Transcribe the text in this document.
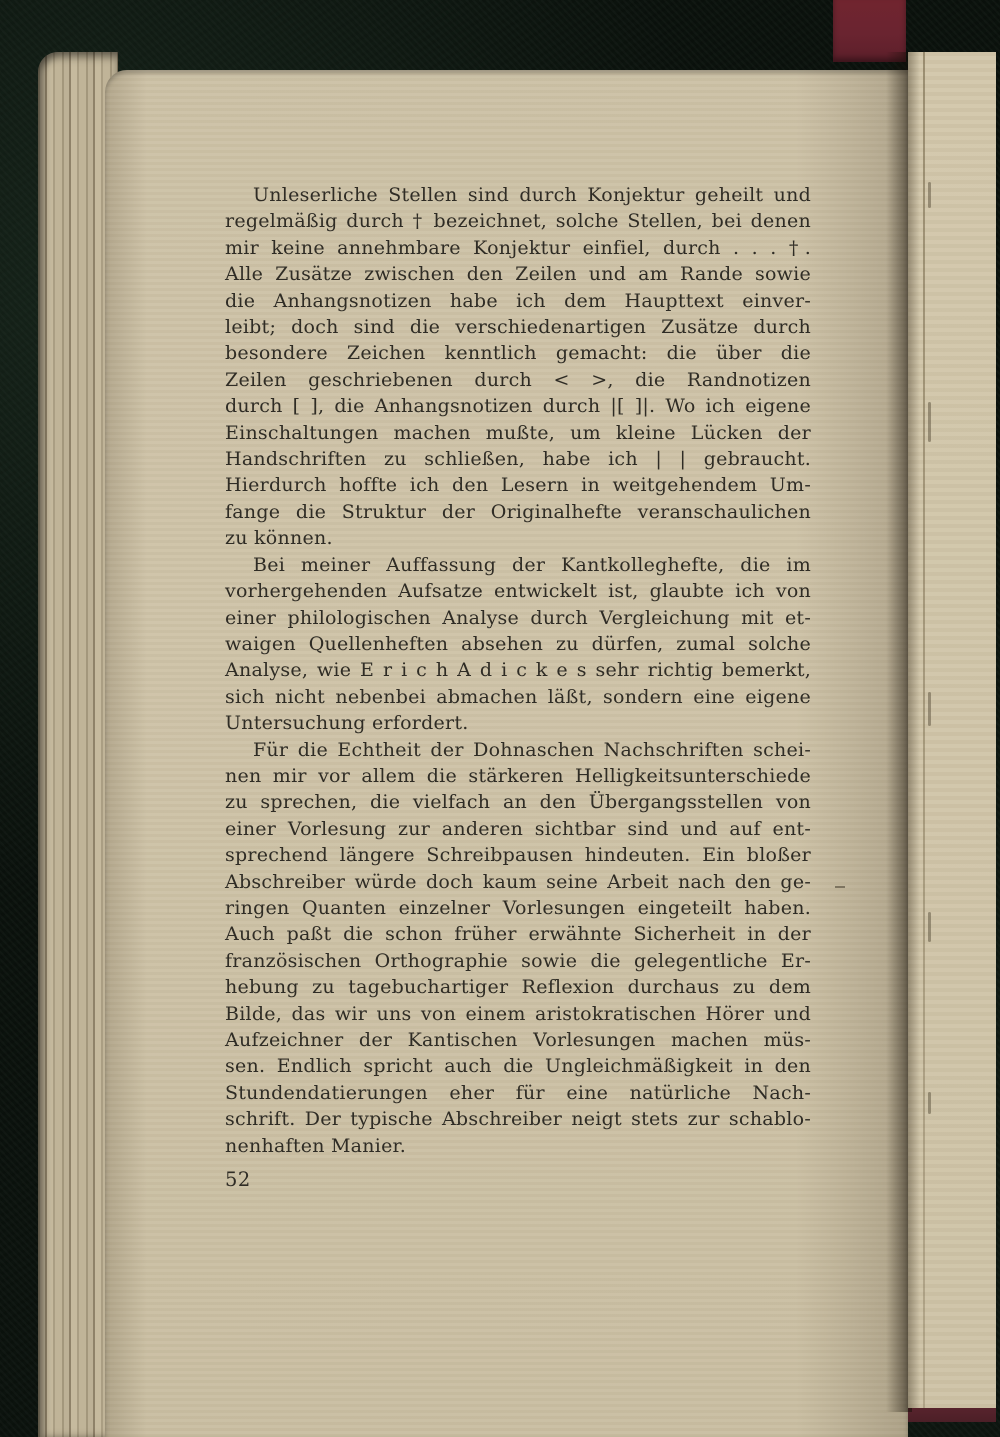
Unleserliche Stellen sind durch Konjektur geheilt und
regelmäßig durch † bezeichnet, solche Stellen, bei denen
mir keine annehmbare Konjektur einfiel, durch . . . †.
Alle Zusätze zwischen den Zeilen und am Rande sowie
die Anhangsnotizen habe ich dem Haupttext einver-
leibt; doch sind die verschiedenartigen Zusätze durch
besondere Zeichen kenntlich gemacht: die über die
Zeilen geschriebenen durch < >, die Randnotizen
durch [ ], die Anhangsnotizen durch |[ ]|. Wo ich eigene
Einschaltungen machen mußte, um kleine Lücken der
Handschriften zu schließen, habe ich | | gebraucht.
Hierdurch hoffte ich den Lesern in weitgehendem Um-
fange die Struktur der Originalhefte veranschaulichen
zu können.
Bei meiner Auffassung der Kantkolleghefte, die im
vorhergehenden Aufsatze entwickelt ist, glaubte ich von
einer philologischen Analyse durch Vergleichung mit et-
waigen Quellenheften absehen zu dürfen, zumal solche
Analyse, wie E r i c h A d i c k e s sehr richtig bemerkt,
sich nicht nebenbei abmachen läßt, sondern eine eigene
Untersuchung erfordert.
Für die Echtheit der Dohnaschen Nachschriften schei-
nen mir vor allem die stärkeren Helligkeitsunterschiede
zu sprechen, die vielfach an den Übergangsstellen von
einer Vorlesung zur anderen sichtbar sind und auf ent-
sprechend längere Schreibpausen hindeuten. Ein bloßer
Abschreiber würde doch kaum seine Arbeit nach den ge-
ringen Quanten einzelner Vorlesungen eingeteilt haben.
Auch paßt die schon früher erwähnte Sicherheit in der
französischen Orthographie sowie die gelegentliche Er-
hebung zu tagebuchartiger Reflexion durchaus zu dem
Bilde, das wir uns von einem aristokratischen Hörer und
Aufzeichner der Kantischen Vorlesungen machen müs-
sen. Endlich spricht auch die Ungleichmäßigkeit in den
Stundendatierungen eher für eine natürliche Nach-
schrift. Der typische Abschreiber neigt stets zur schablo-
nenhaften Manier.
52
